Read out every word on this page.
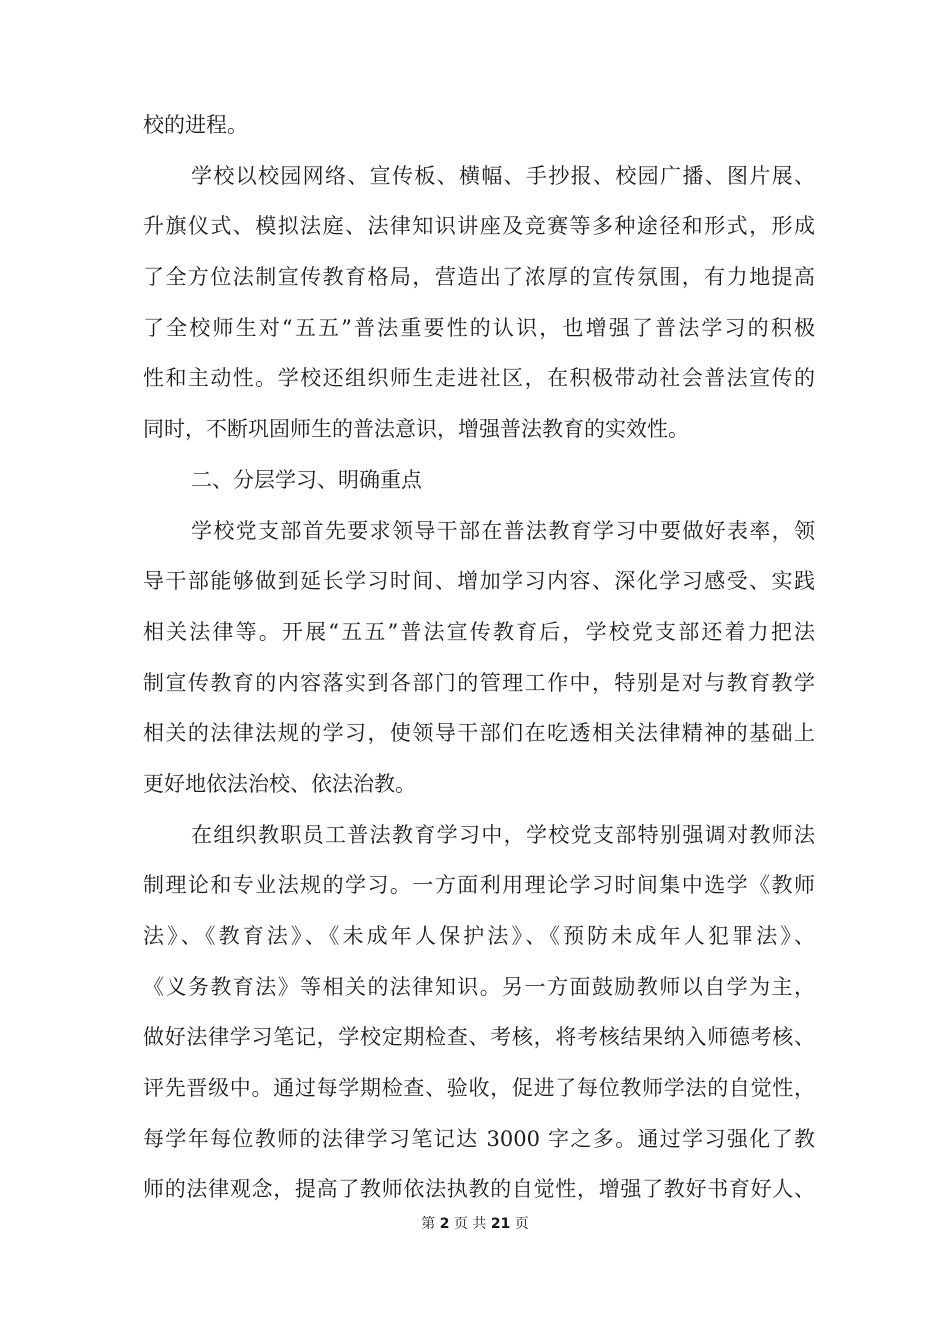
校的进程。
学校以校园网络、宣传板、横幅、手抄报、校园广播、图片展、
升旗仪式、模拟法庭、法律知识讲座及竞赛等多种途径和形式，形成
了全方位法制宣传教育格局，营造出了浓厚的宣传氛围，有力地提高
了全校师生对“五五”普法重要性的认识，也增强了普法学习的积极
性和主动性。学校还组织师生走进社区，在积极带动社会普法宣传的
同时，不断巩固师生的普法意识，增强普法教育的实效性。
二、分层学习、明确重点
学校党支部首先要求领导干部在普法教育学习中要做好表率，领
导干部能够做到延长学习时间、增加学习内容、深化学习感受、实践
相关法律等。开展“五五”普法宣传教育后，学校党支部还着力把法
制宣传教育的内容落实到各部门的管理工作中，特别是对与教育教学
相关的法律法规的学习，使领导干部们在吃透相关法律精神的基础上
更好地依法治校、依法治教。
在组织教职员工普法教育学习中，学校党支部特别强调对教师法
制理论和专业法规的学习。一方面利用理论学习时间集中选学《教师
法》、《教育法》、《未成年人保护法》、《预防未成年人犯罪法》、
《义务教育法》等相关的法律知识。另一方面鼓励教师以自学为主，
做好法律学习笔记，学校定期检查、考核，将考核结果纳入师德考核、
评先晋级中。通过每学期检查、验收，促进了每位教师学法的自觉性，
每学年每位教师的法律学习笔记达 3000 字之多。通过学习强化了教
师的法律观念，提高了教师依法执教的自觉性，增强了教好书育好人、
第 2 页 共 21 页
